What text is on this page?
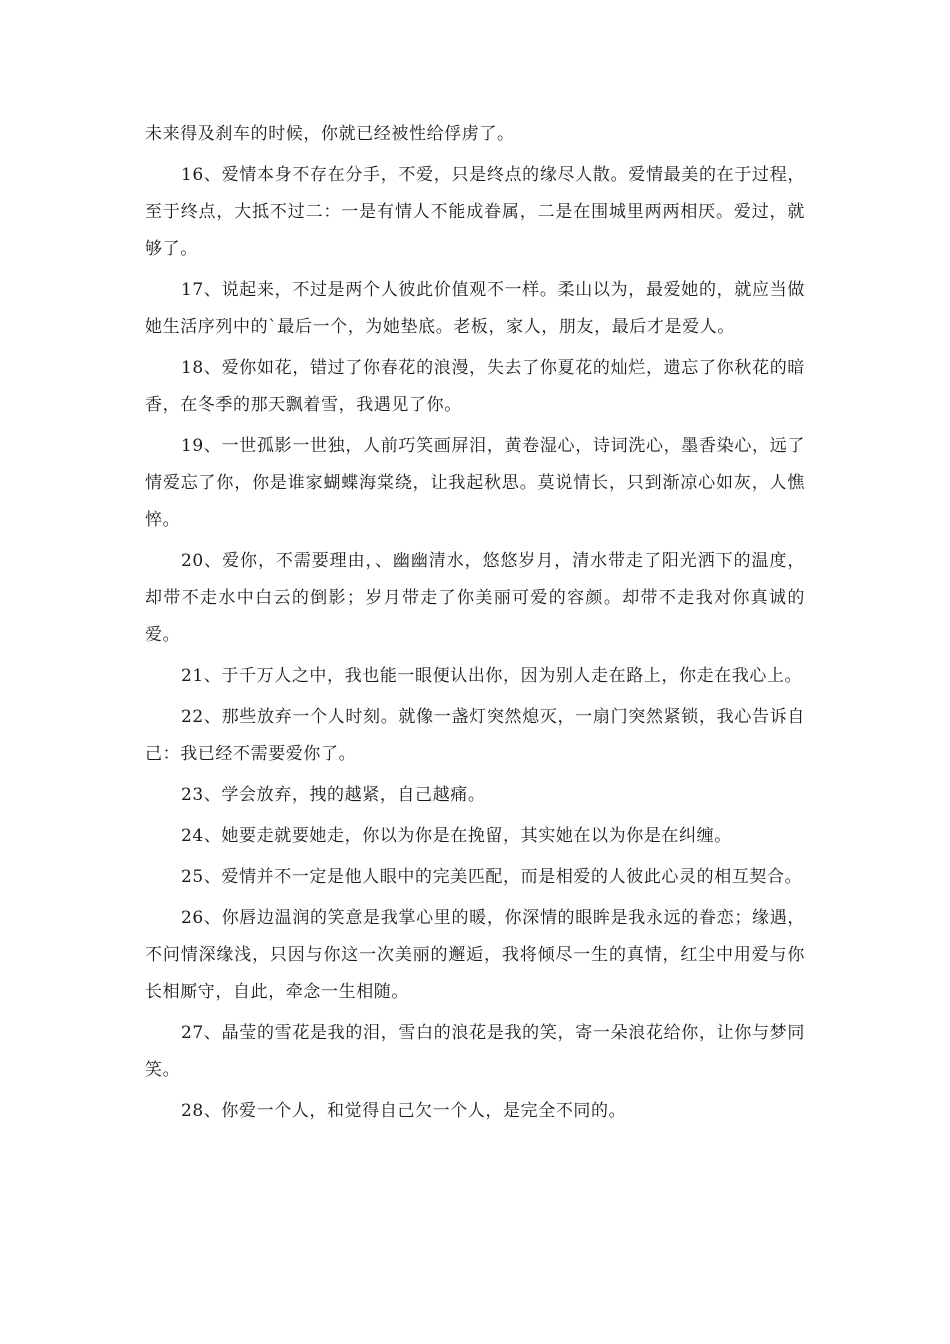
未来得及刹车的时候，你就已经被性给俘虏了。

16、爱情本身不存在分手，不爱，只是终点的缘尽人散。爱情最美的在于过程，至于终点，大抵不过二：一是有情人不能成眷属，二是在围城里两两相厌。爱过，就够了。

17、说起来，不过是两个人彼此价值观不一样。柔山以为，最爱她的，就应当做她生活序列中的`最后一个，为她垫底。老板，家人，朋友，最后才是爱人。

18、爱你如花，错过了你春花的浪漫，失去了你夏花的灿烂，遗忘了你秋花的暗香，在冬季的那天飘着雪，我遇见了你。

19、一世孤影一世独，人前巧笑画屏泪，黄卷湿心，诗词洗心，墨香染心，远了情爱忘了你，你是谁家蝴蝶海棠绕，让我起秋思。莫说情长，只到渐凉心如灰，人憔悴。

20、爱你，不需要理由，、幽幽清水，悠悠岁月，清水带走了阳光洒下的温度，却带不走水中白云的倒影；岁月带走了你美丽可爱的容颜。却带不走我对你真诚的爱。

21、于千万人之中，我也能一眼便认出你，因为别人走在路上，你走在我心上。

22、那些放弃一个人时刻。就像一盏灯突然熄灭，一扇门突然紧锁，我心告诉自己：我已经不需要爱你了。

23、学会放弃，拽的越紧，自己越痛。

24、她要走就要她走，你以为你是在挽留，其实她在以为你是在纠缠。

25、爱情并不一定是他人眼中的完美匹配，而是相爱的人彼此心灵的相互契合。

26、你唇边温润的笑意是我掌心里的暖，你深情的眼眸是我永远的眷恋；缘遇，不问情深缘浅，只因与你这一次美丽的邂逅，我将倾尽一生的真情，红尘中用爱与你长相厮守，自此，牵念一生相随。

27、晶莹的雪花是我的泪，雪白的浪花是我的笑，寄一朵浪花给你，让你与梦同笑。

28、你爱一个人，和觉得自己欠一个人，是完全不同的。
